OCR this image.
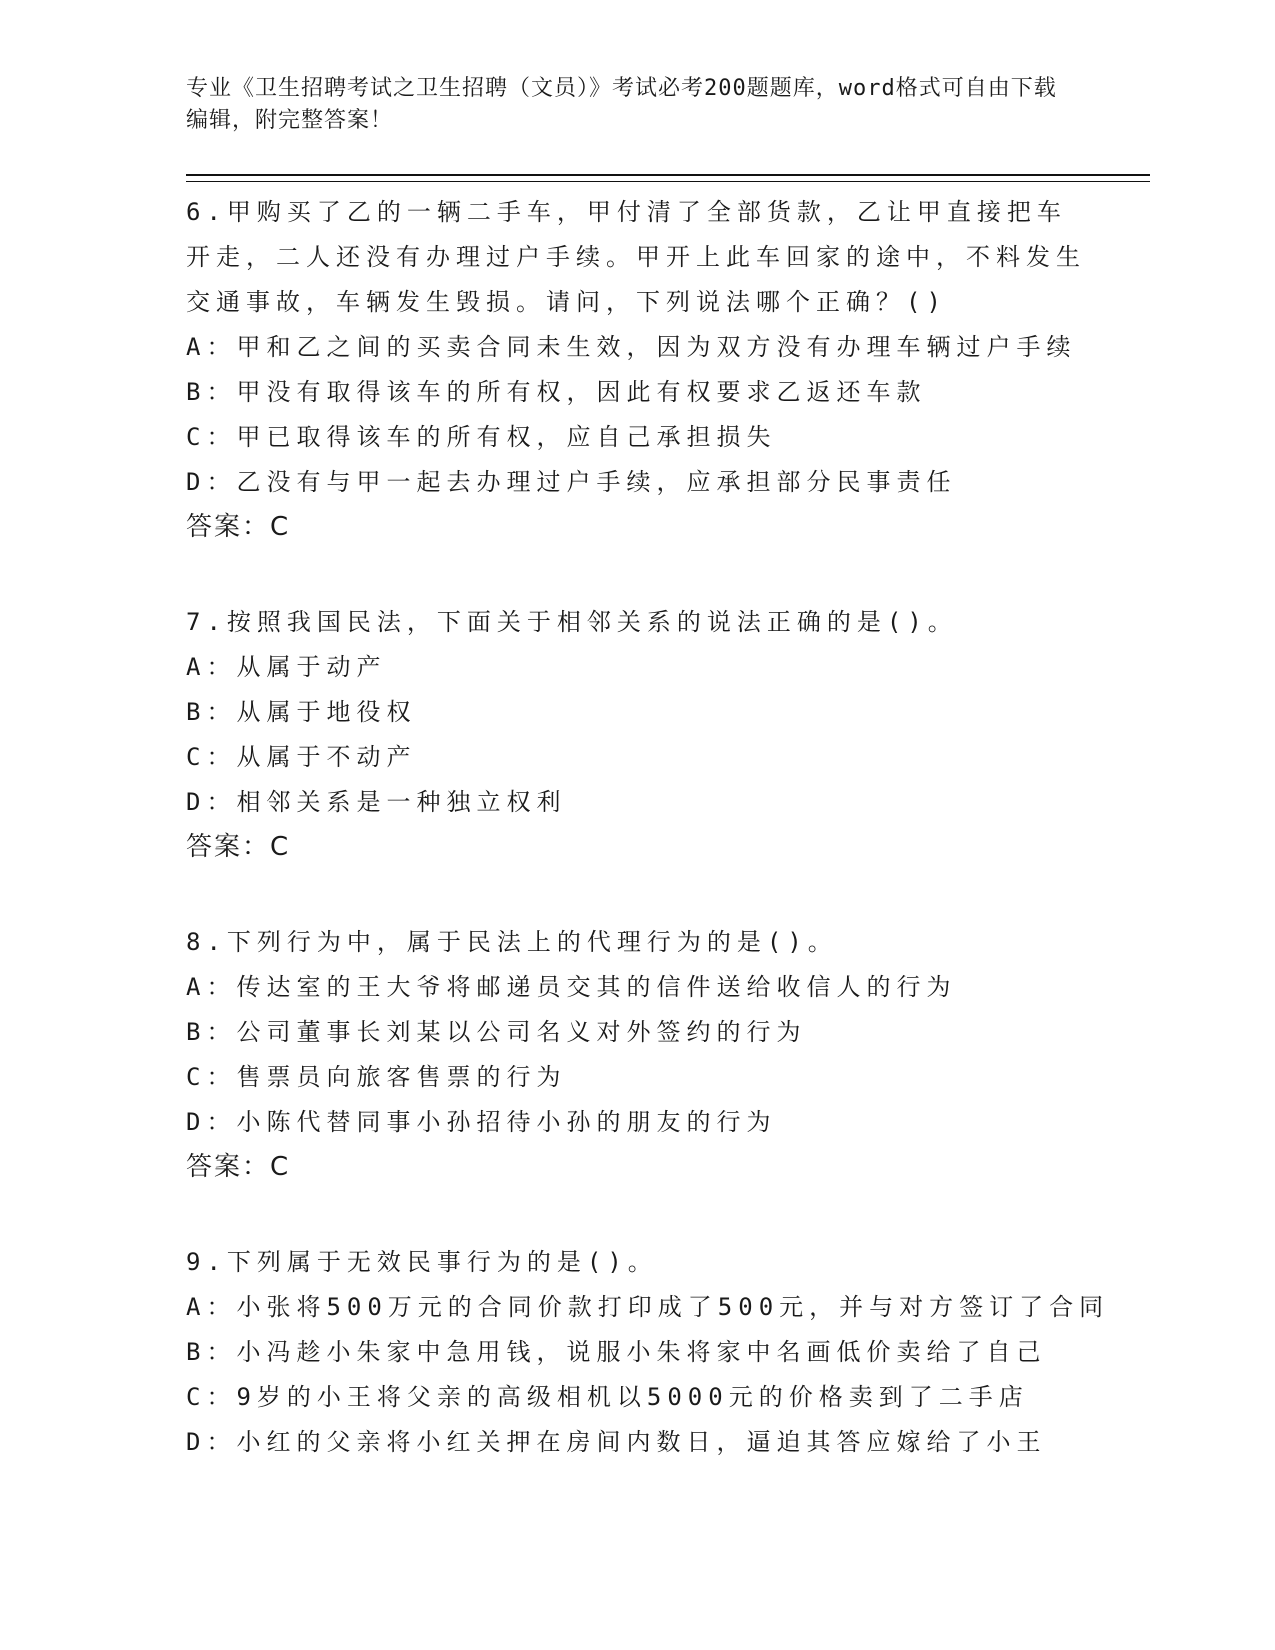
专业《卫生招聘考试之卫生招聘（文员）》考试必考200题题库，word格式可自由下载编辑，附完整答案！

6.甲购买了乙的一辆二手车，甲付清了全部货款，乙让甲直接把车开走，二人还没有办理过户手续。甲开上此车回家的途中，不料发生交通事故，车辆发生毁损。请问，下列说法哪个正确？()

A：甲和乙之间的买卖合同未生效，因为双方没有办理车辆过户手续

B：甲没有取得该车的所有权，因此有权要求乙返还车款

C：甲已取得该车的所有权，应自己承担损失

D：乙没有与甲一起去办理过户手续，应承担部分民事责任

答案：C

7.按照我国民法，下面关于相邻关系的说法正确的是()。

A：从属于动产

B：从属于地役权

C：从属于不动产

D：相邻关系是一种独立权利

答案：C

8.下列行为中，属于民法上的代理行为的是()。

A：传达室的王大爷将邮递员交其的信件送给收信人的行为

B：公司董事长刘某以公司名义对外签约的行为

C：售票员向旅客售票的行为

D：小陈代替同事小孙招待小孙的朋友的行为

答案：C

9.下列属于无效民事行为的是()。

A：小张将500万元的合同价款打印成了500元，并与对方签订了合同

B：小冯趁小朱家中急用钱，说服小朱将家中名画低价卖给了自己

C：9岁的小王将父亲的高级相机以5000元的价格卖到了二手店

D：小红的父亲将小红关押在房间内数日，逼迫其答应嫁给了小王
